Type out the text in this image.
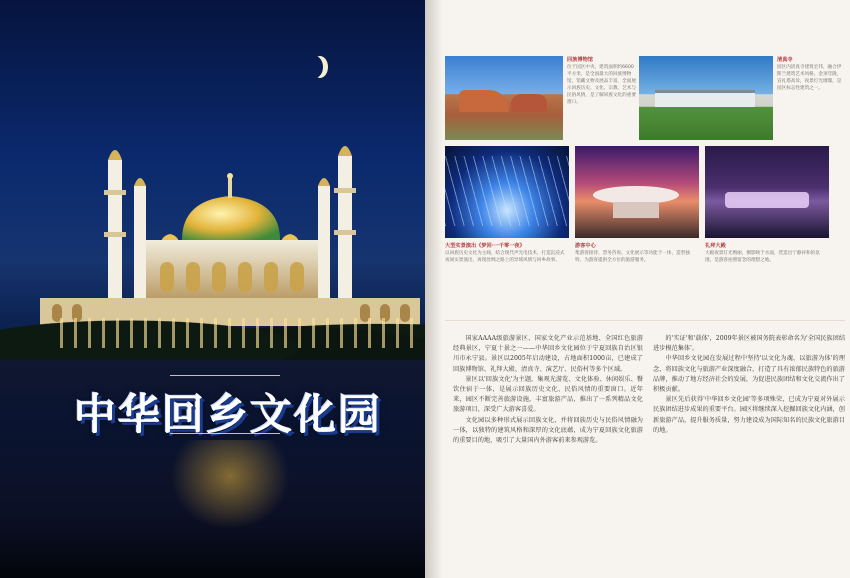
中华回乡文化园
回族博物馆
位于园区中央，建筑面积约6600平方米，是全国最大的回族博物馆，馆藏文物及展品丰富，全面展示回族历史、文化、宗教、艺术与民俗风情，是了解回族文化的重要窗口。
清真寺
园区内清真寺建筑宏伟，融合伊斯兰建筑艺术风格，金顶穹隆，宣礼塔高耸，夜景灯光璀璨，是园区标志性建筑之一。
大型实景演出《梦回·一千零一夜》
以回族历史文化为主线，结合现代声光电技术，打造沉浸式夜间实景演出，再现丝绸之路上的异域风情与回乡故事。
游客中心
集游客接待、票务咨询、文化展示等功能于一体，造型独特，为游客提供全方位的旅游服务。
礼拜大殿
大殿夜景灯光绚丽，倒影映于水面，营造出宁静祥和的氛围，是游客拍照留念的理想之地。

国家AAAA级旅游景区、国家文化产业示范基地、全国红色旅游经典景区，宁夏十景之一——中华回乡文化园位于宁夏回族自治区银川市永宁县。景区以2005年启动建设，占地面积1000亩，已建成了回族博物馆、礼拜大殿、清真寺、演艺厅、民俗村等多个区域。

景区以'回族文化'为主题，集观光游览、文化体验、休闲娱乐、餐饮住宿于一体，是展示回族历史文化、民俗风情的重要窗口。近年来，园区不断完善旅游设施，丰富旅游产品，推出了一系列精品文化旅游项目，深受广大游客喜爱。

文化园以多种形式展示回族文化，并将回族历史与民俗风情融为一体，以独特的建筑风格和深厚的文化底蕴，成为宁夏回族文化旅游的重要目的地，吸引了大量国内外游客前来参观游览。

的'实证'和'载体'，2009年景区被国务院表彰命名为'全国民族团结进步模范集体'。

中华回乡文化园在发展过程中坚持'以文化为魂、以旅游为体'的理念，将回族文化与旅游产业深度融合，打造了具有浓郁民族特色的旅游品牌，推动了地方经济社会的发展，为促进民族团结和文化交流作出了积极贡献。

景区先后获得'中华回乡文化园'等多项殊荣，已成为宁夏对外展示民族团结进步成果的重要平台。园区将继续深入挖掘回族文化内涵，创新旅游产品，提升服务质量，努力建设成为国际知名的民族文化旅游目的地。
